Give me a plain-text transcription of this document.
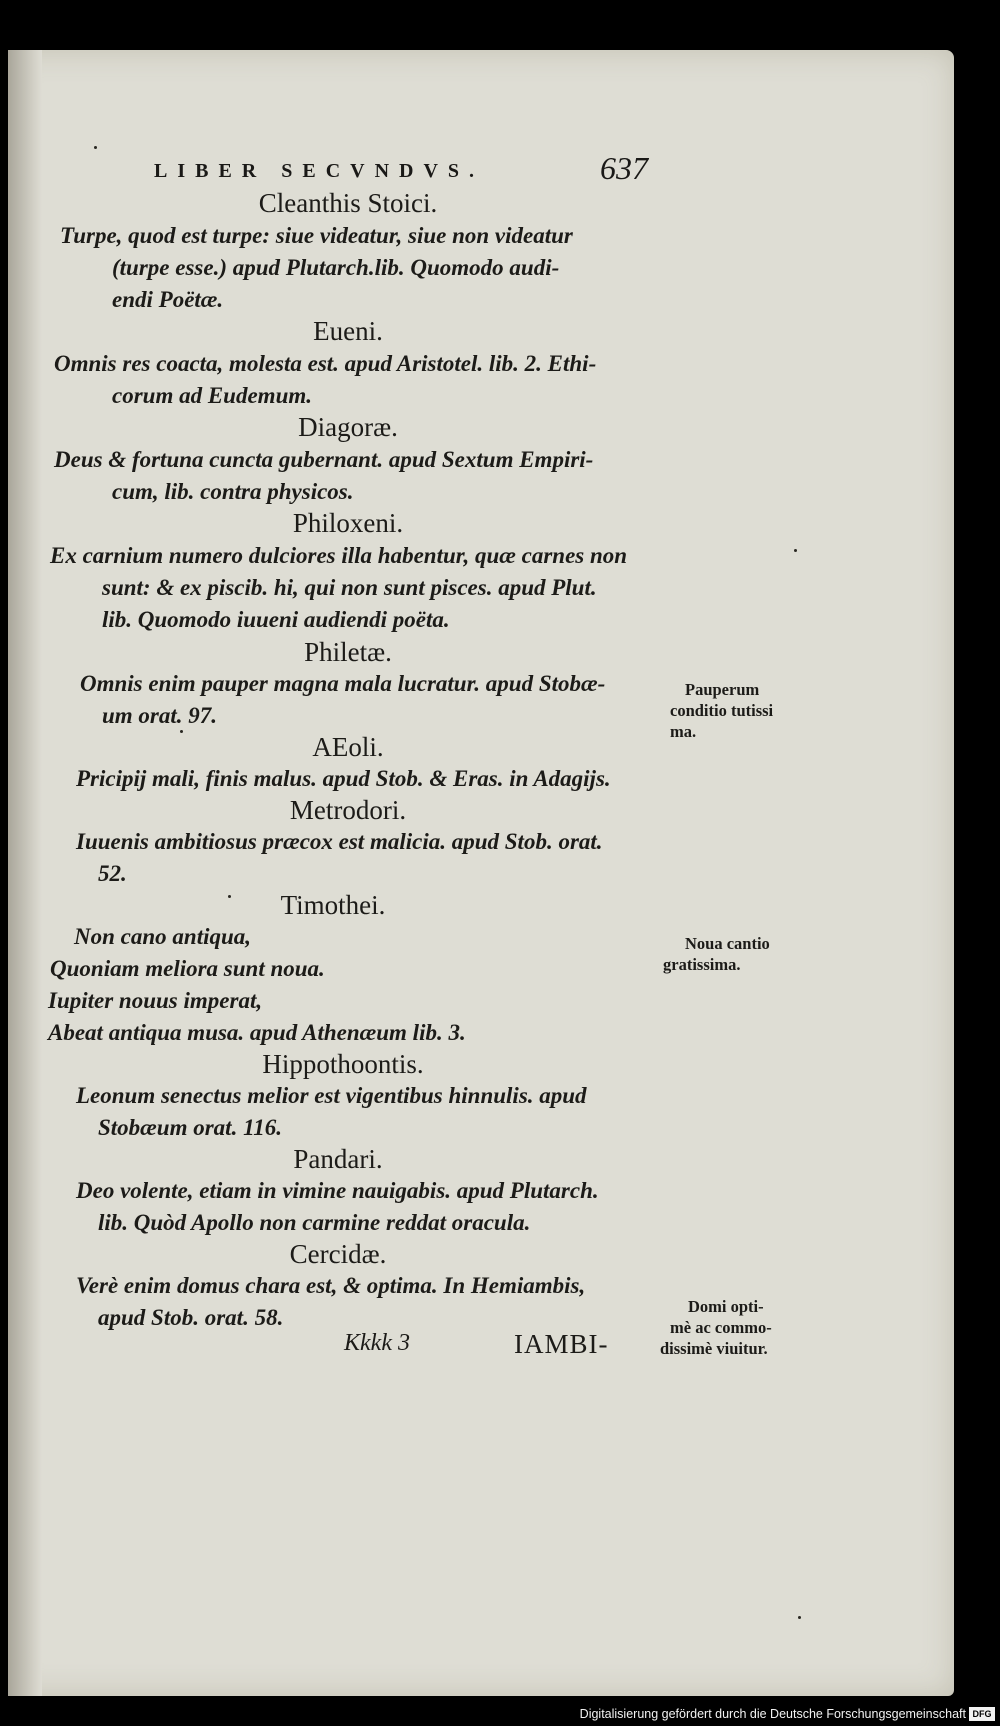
LIBER SECVNDVS.	637
Cleanthis Stoici.
Turpe, quod est turpe: siue videatur, siue non videatur
(turpe esse.) apud Plutarch.lib. Quomodo audi-
endi Poëtæ.
Eueni.
Omnis res coacta, molesta est. apud Aristotel. lib. 2. Ethi-
corum ad Eudemum.
Diagoræ.
Deus & fortuna cuncta gubernant. apud Sextum Empiri-
cum, lib. contra physicos.
Philoxeni.
Ex carnium numero dulciores illa habentur, quæ carnes non
sunt: & ex piscib. hi, qui non sunt pisces. apud Plut.
lib. Quomodo iuueni audiendi poëta.
Philetæ.
Omnis enim pauper magna mala lucratur. apud Stobæ-
um orat. 97.
AEoli.
Pricipij mali, finis malus. apud Stob. & Eras. in Adagijs.
Metrodori.
Iuuenis ambitiosus præcox est malicia. apud Stob. orat.
52.
Timothei.
Non cano antiqua,
Quoniam meliora sunt noua.
Iupiter nouus imperat,
Abeat antiqua musa. apud Athenæum lib. 3.
Hippothoontis.
Leonum senectus melior est vigentibus hinnulis. apud
Stobæum orat. 116.
Pandari.
Deo volente, etiam in vimine nauigabis. apud Plutarch.
lib. Quòd Apollo non carmine reddat oracula.
Cercidæ.
Verè enim domus chara est, & optima. In Hemiambis,
apud Stob. orat. 58.
Pauperum
conditio tutissi
ma.
Noua cantio
gratissima.
Domi opti-
mè ac commo-
dissimè viuitur.
Kkkk 3	IAMBI-
Digitalisierung gefördert durch die Deutsche Forschungsgemeinschaft DFG
